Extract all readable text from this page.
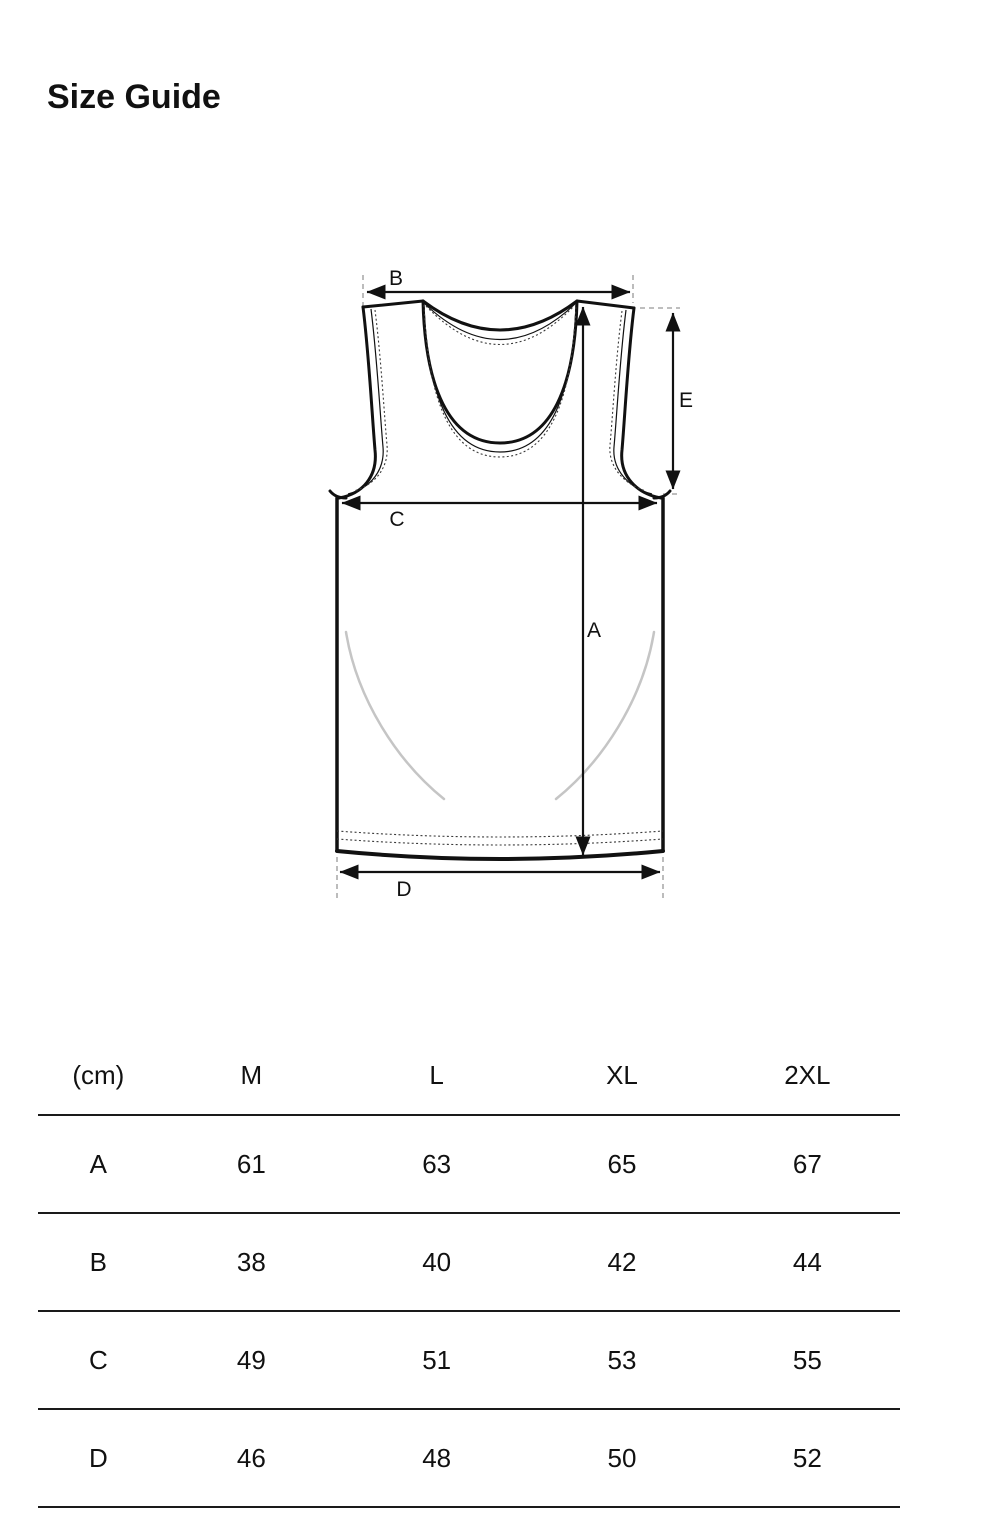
Size Guide
B
E
C
A
D
(cm)	M	L	XL	2XL
A	61	63	65	67
B	38	40	42	44
C	49	51	53	55
D	46	48	50	52
